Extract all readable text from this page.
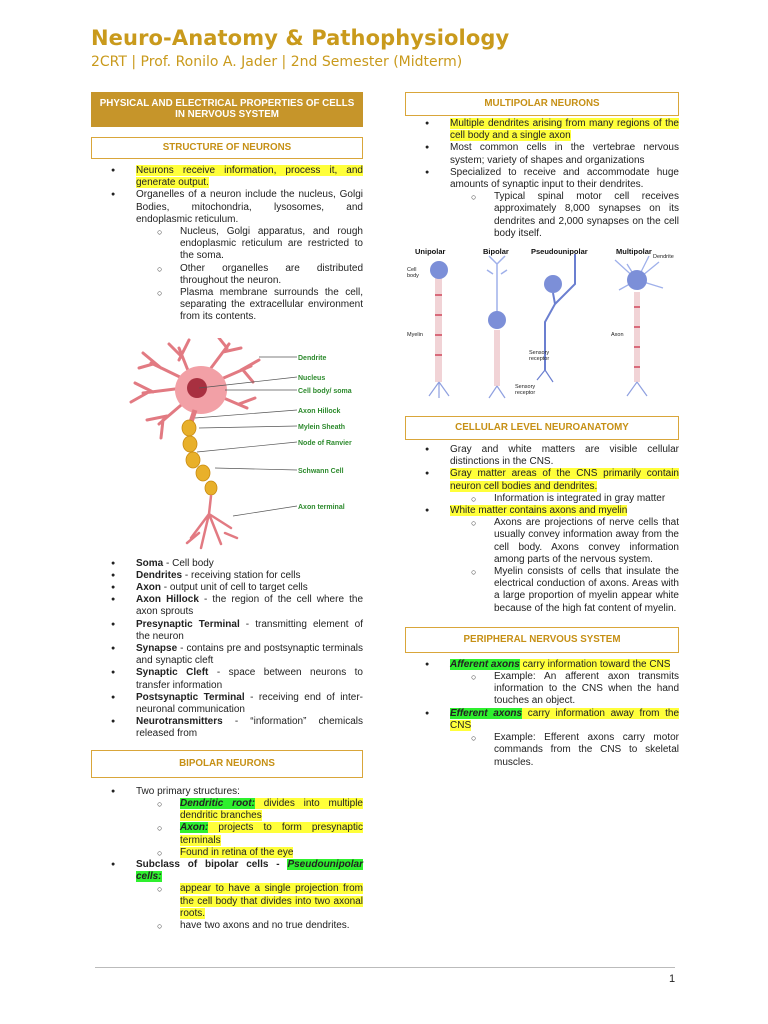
Neuro-Anatomy & Pathophysiology
2CRT | Prof. Ronilo A. Jader | 2nd Semester (Midterm)
PHYSICAL AND ELECTRICAL PROPERTIES OF CELLS IN NERVOUS SYSTEM
STRUCTURE OF NEURONS
● Neurons receive information, process it, and generate output.
● Organelles of a neuron include the nucleus, Golgi Bodies, mitochondria, lysosomes, and endoplasmic reticulum.
○ Nucleus, Golgi apparatus, and rough endoplasmic reticulum are restricted to the soma.
○ Other organelles are distributed throughout the neuron.
○ Plasma membrane surrounds the cell, separating the extracellular environment from its contents.
Dendrite
Nucleus
Cell body/ soma
Axon Hillock
Mylein Sheath
Node of Ranvier
Schwann Cell
Axon terminal
● Soma - Cell body
● Dendrites - receiving station for cells
● Axon - output unit of cell to target cells
● Axon Hillock - the region of the cell where the axon sprouts
● Presynaptic Terminal - transmitting element of the neuron
● Synapse - contains pre and postsynaptic terminals and synaptic cleft
● Synaptic Cleft - space between neurons to transfer information
● Postsynaptic Terminal - receiving end of inter-neuronal communication
● Neurotransmitters - “information” chemicals released from
BIPOLAR NEURONS
● Two primary structures:
○ Dendritic root: divides into multiple dendritic branches
○ Axon: projects to form presynaptic terminals
○ Found in retina of the eye
● Subclass of bipolar cells - Pseudounipolar cells:
○ appear to have a single projection from the cell body that divides into two axonal roots.
○ have two axons and no true dendrites.
MULTIPOLAR NEURONS
● Multiple dendrites arising from many regions of the cell body and a single axon
● Most common cells in the vertebrae nervous system; variety of shapes and organizations
● Specialized to receive and accommodate huge amounts of synaptic input to their dendrites.
○ Typical spinal motor cell receives approximately 8,000 synapses on its dendrites and 2,000 synapses on the cell body itself.
Unipolar	Bipolar	Pseudounipolar	Multipolar
Sensory
receptor
Sensory
receptor
Cell
body
Myelin
Dendrite
Axon
CELLULAR LEVEL NEUROANATOMY
● Gray and white matters are visible cellular distinctions in the CNS.
● Gray matter areas of the CNS primarily contain neuron cell bodies and dendrites.
○ Information is integrated in gray matter
● White matter contains axons and myelin
○ Axons are projections of nerve cells that usually convey information away from the cell body. Axons convey information among parts of the nervous system.
○ Myelin consists of cells that insulate the electrical conduction of axons. Areas with a large proportion of myelin appear white because of the high fat content of myelin.
PERIPHERAL NERVOUS SYSTEM
● Afferent axons carry information toward the CNS
○ Example: An afferent axon transmits information to the CNS when the hand touches an object.
● Efferent axons carry information away from the CNS
○ Example: Efferent axons carry motor commands from the CNS to skeletal muscles.
1
